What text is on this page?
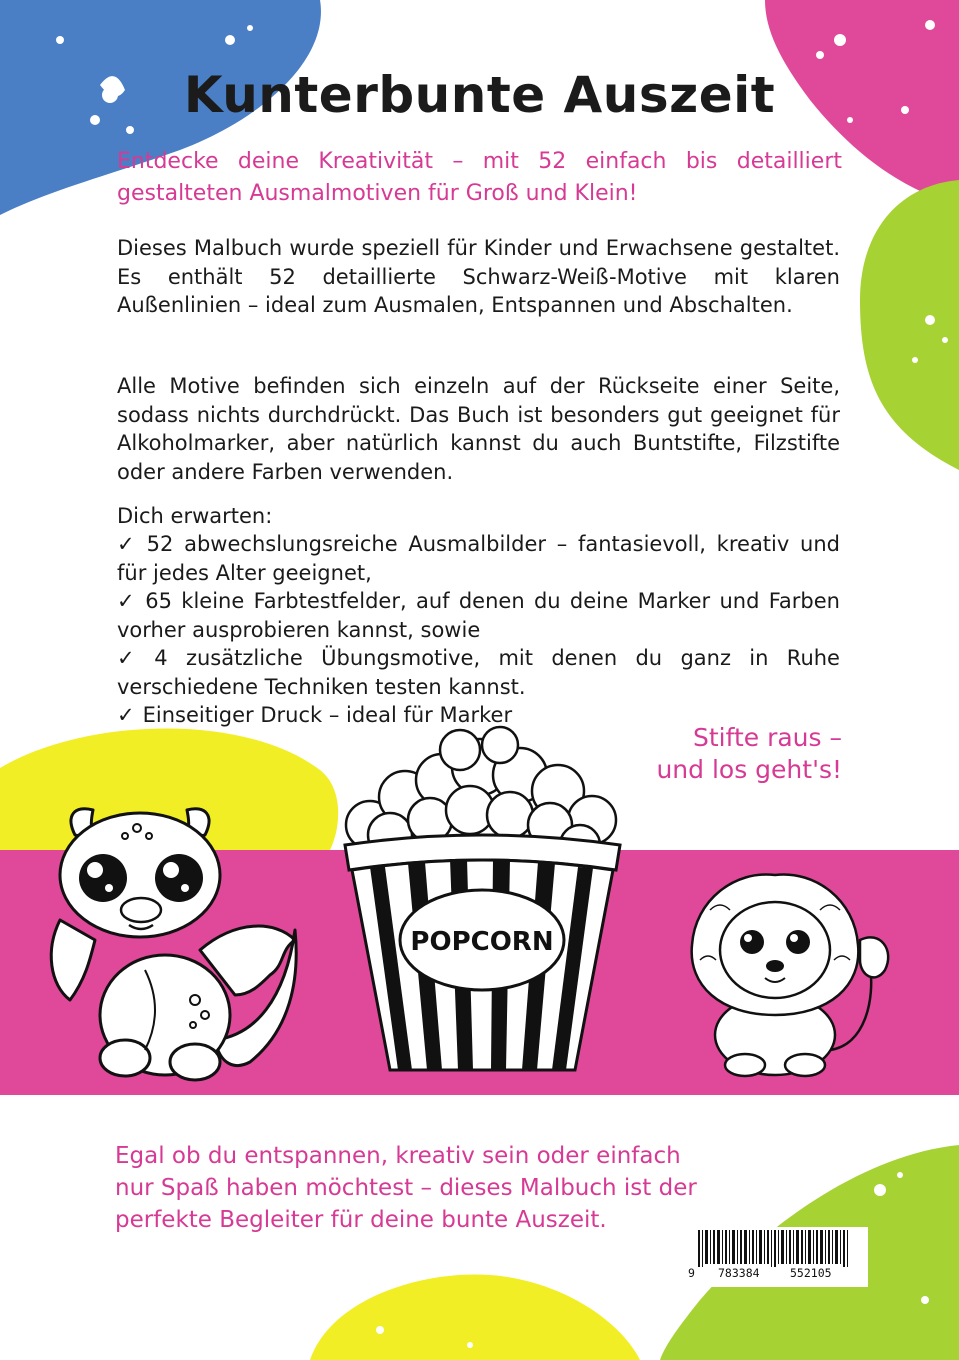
Kunterbunte Auszeit
Entdecke deine Kreativität – mit 52 einfach bis detailliert gestalteten Ausmalmotiven für Groß und Klein!
Dieses Malbuch wurde speziell für Kinder und Erwachsene gestaltet. Es enthält 52 detaillierte Schwarz-Weiß-Motive mit klaren Außenlinien – ideal zum Ausmalen, Entspannen und Abschalten.
Alle Motive befinden sich einzeln auf der Rückseite einer Seite, sodass nichts durchdrückt. Das Buch ist besonders gut geeignet für Alkoholmarker, aber natürlich kannst du auch Buntstifte, Filzstifte oder andere Farben verwenden.
Dich erwarten:
✓ 52 abwechslungsreiche Ausmalbilder – fantasievoll, kreativ und für jedes Alter geeignet,
✓ 65 kleine Farbtestfelder, auf denen du deine Marker und Farben vorher ausprobieren kannst, sowie
✓ 4 zusätzliche Übungsmotive, mit denen du ganz in Ruhe verschiedene Techniken testen kannst.
✓ Einseitiger Druck – ideal für Marker
Stifte raus –
und los geht's!
POPCORN
Egal ob du entspannen, kreativ sein oder einfach nur Spaß haben möchtest – dieses Malbuch ist der perfekte Begleiter für deine bunte Auszeit.
9 783384	552105
